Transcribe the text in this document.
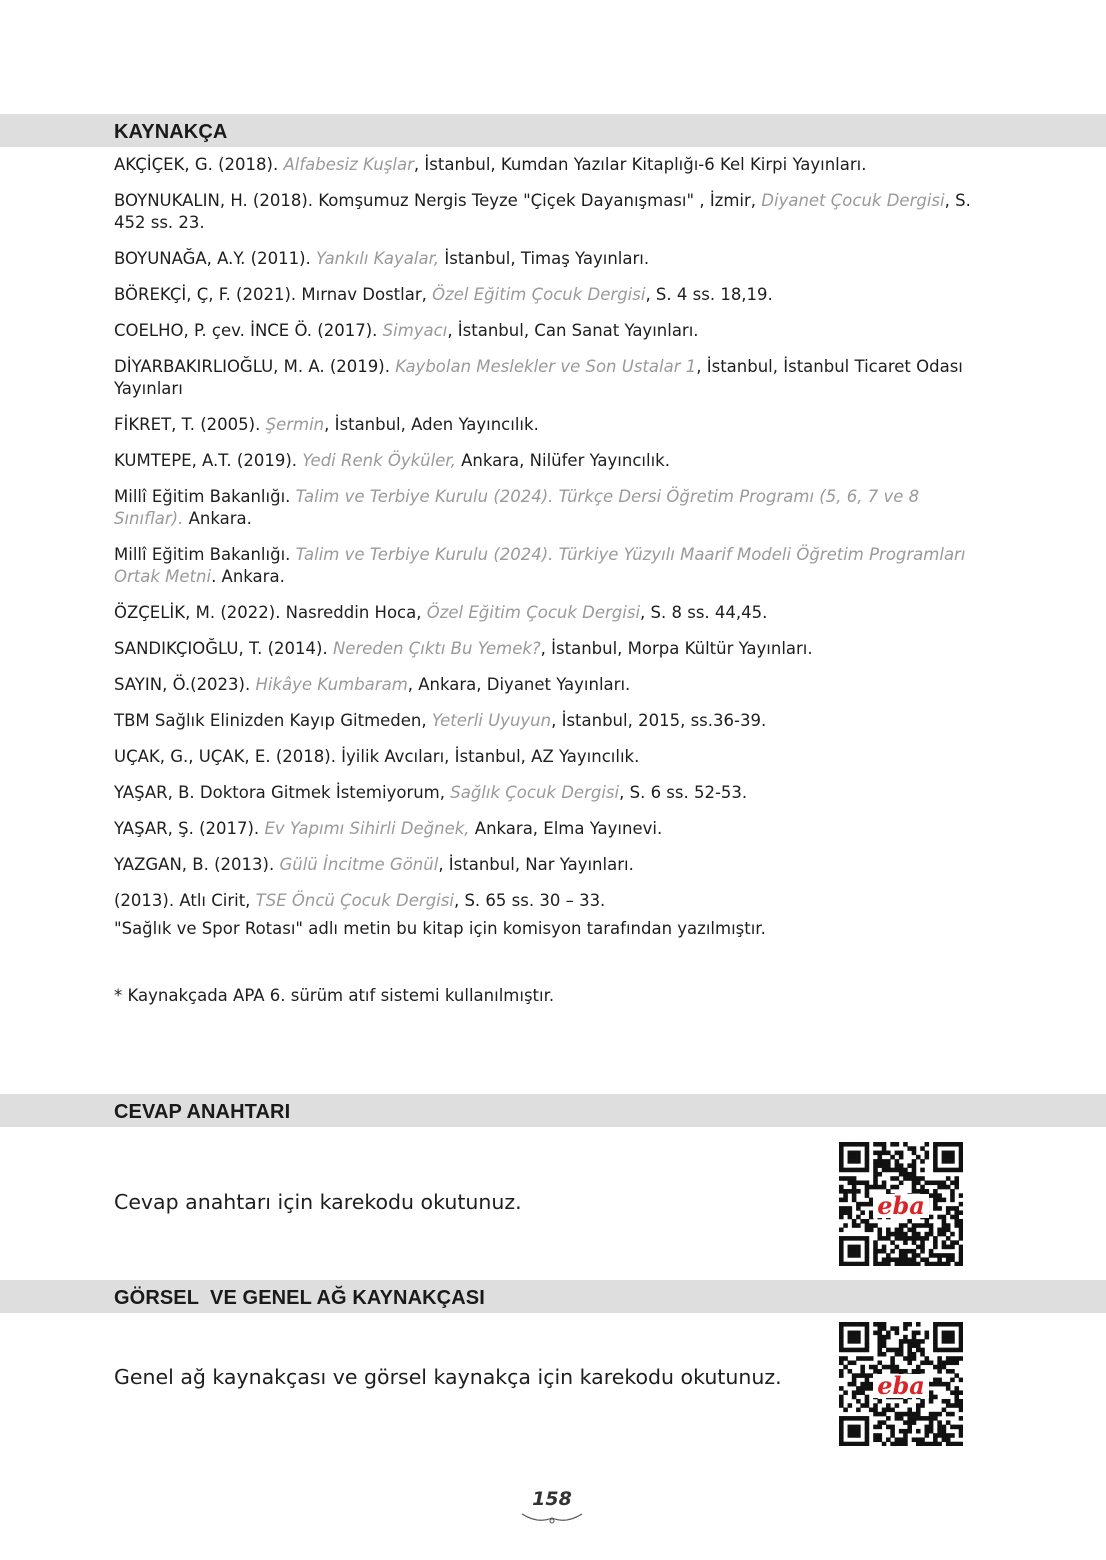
KAYNAKÇA

AKÇİÇEK, G. (2018). Alfabesiz Kuşlar, İstanbul, Kumdan Yazılar Kitaplığı-6 Kel Kirpi Yayınları.

BOYNUKALIN, H. (2018). Komşumuz Nergis Teyze "Çiçek Dayanışması" , İzmir, Diyanet Çocuk Dergisi, S. 452 ss. 23.

BOYUNAĞA, A.Y. (2011). Yankılı Kayalar, İstanbul, Timaş Yayınları.

BÖREKÇİ, Ç, F. (2021). Mırnav Dostlar, Özel Eğitim Çocuk Dergisi, S. 4 ss. 18,19.

COELHO, P. çev. İNCE Ö. (2017). Simyacı, İstanbul, Can Sanat Yayınları.

DİYARBAKIRLIOĞLU, M. A. (2019). Kaybolan Meslekler ve Son Ustalar 1, İstanbul, İstanbul Ticaret Odası Yayınları

FİKRET, T. (2005). Şermin, İstanbul, Aden Yayıncılık.

KUMTEPE, A.T. (2019). Yedi Renk Öyküler, Ankara, Nilüfer Yayıncılık.

Millî Eğitim Bakanlığı. Talim ve Terbiye Kurulu (2024). Türkçe Dersi Öğretim Programı (5, 6, 7 ve 8 Sınıflar). Ankara.

Millî Eğitim Bakanlığı. Talim ve Terbiye Kurulu (2024). Türkiye Yüzyılı Maarif Modeli Öğretim Programları Ortak Metni. Ankara.

ÖZÇELİK, M. (2022). Nasreddin Hoca, Özel Eğitim Çocuk Dergisi, S. 8 ss. 44,45.

SANDIKÇIOĞLU, T. (2014). Nereden Çıktı Bu Yemek?, İstanbul, Morpa Kültür Yayınları.

SAYIN, Ö.(2023). Hikâye Kumbaram, Ankara, Diyanet Yayınları.

TBM Sağlık Elinizden Kayıp Gitmeden, Yeterli Uyuyun, İstanbul, 2015, ss.36-39.

UÇAK, G., UÇAK, E. (2018). İyilik Avcıları, İstanbul, AZ Yayıncılık.

YAŞAR, B. Doktora Gitmek İstemiyorum, Sağlık Çocuk Dergisi, S. 6 ss. 52-53.

YAŞAR, Ş. (2017). Ev Yapımı Sihirli Değnek, Ankara, Elma Yayınevi.

YAZGAN, B. (2013). Gülü İncitme Gönül, İstanbul, Nar Yayınları.

(2013). Atlı Cirit, TSE Öncü Çocuk Dergisi, S. 65 ss. 30 – 33.

"Sağlık ve Spor Rotası" adlı metin bu kitap için komisyon tarafından yazılmıştır.

* Kaynakçada APA 6. sürüm atıf sistemi kullanılmıştır.
CEVAP ANAHTARI
Cevap anahtarı için karekodu okutunuz.	eba
GÖRSEL  VE GENEL AĞ KAYNAKÇASI
Genel ağ kaynakçası ve görsel kaynakça için karekodu okutunuz.	eba
158
